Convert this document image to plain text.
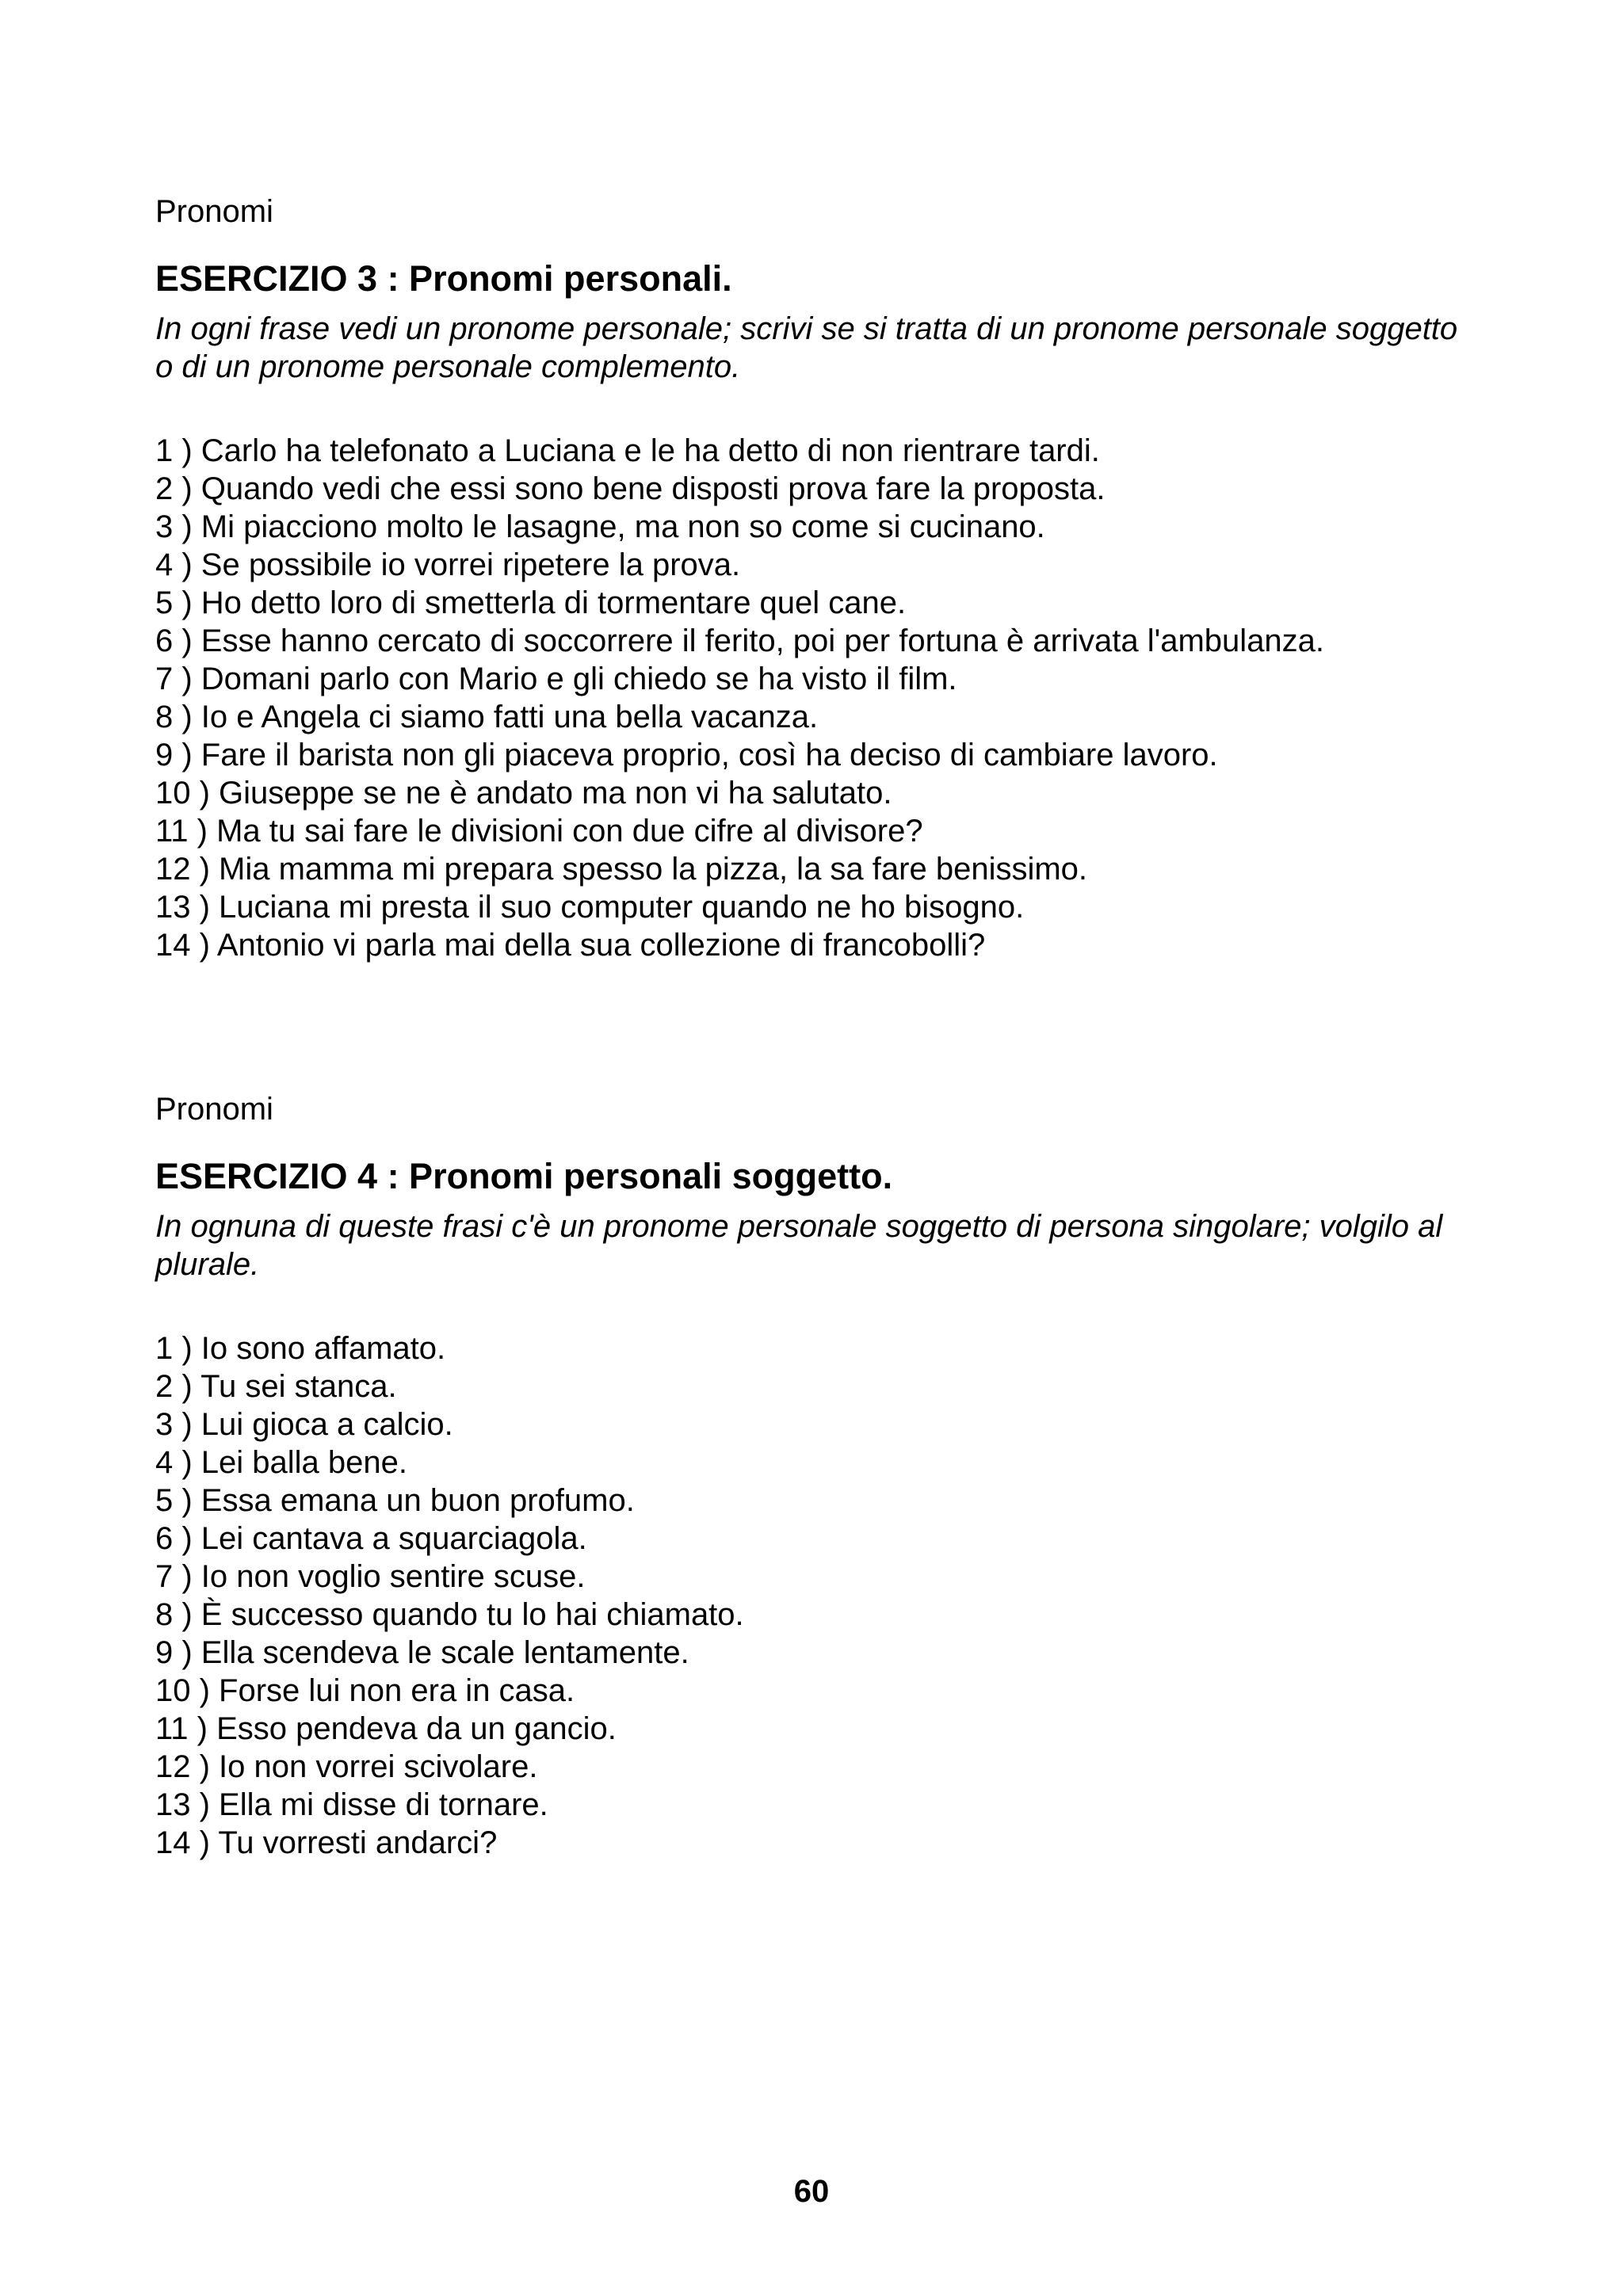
Pronomi

ESERCIZIO 3 : Pronomi personali.

In ogni frase vedi un pronome personale; scrivi se si tratta di un pronome personale soggetto o di un pronome personale complemento.

1 ) Carlo ha telefonato a Luciana e le ha detto di non rientrare tardi.
2 ) Quando vedi che essi sono bene disposti prova fare la proposta.
3 ) Mi piacciono molto le lasagne, ma non so come si cucinano.
4 ) Se possibile io vorrei ripetere la prova.
5 ) Ho detto loro di smetterla di tormentare quel cane.
6 ) Esse hanno cercato di soccorrere il ferito, poi per fortuna è arrivata l'ambulanza.
7 ) Domani parlo con Mario e gli chiedo se ha visto il film.
8 ) Io e Angela ci siamo fatti una bella vacanza.
9 ) Fare il barista non gli piaceva proprio, così ha deciso di cambiare lavoro.
10 ) Giuseppe se ne è andato ma non vi ha salutato.
11 ) Ma tu sai fare le divisioni con due cifre al divisore?
12 ) Mia mamma mi prepara spesso la pizza, la sa fare benissimo.
13 ) Luciana mi presta il suo computer quando ne ho bisogno.
14 ) Antonio vi parla mai della sua collezione di francobolli?

Pronomi

ESERCIZIO 4 : Pronomi personali soggetto.

In ognuna di queste frasi c'è un pronome personale soggetto di persona singolare; volgilo al plurale.

1 ) Io sono affamato.
2 ) Tu sei stanca.
3 ) Lui gioca a calcio.
4 ) Lei balla bene.
5 ) Essa emana un buon profumo.
6 ) Lei cantava a squarciagola.
7 ) Io non voglio sentire scuse.
8 ) È successo quando tu lo hai chiamato.
9 ) Ella scendeva le scale lentamente.
10 ) Forse lui non era in casa.
11 ) Esso pendeva da un gancio.
12 ) Io non vorrei scivolare.
13 ) Ella mi disse di tornare.
14 ) Tu vorresti andarci?
60
